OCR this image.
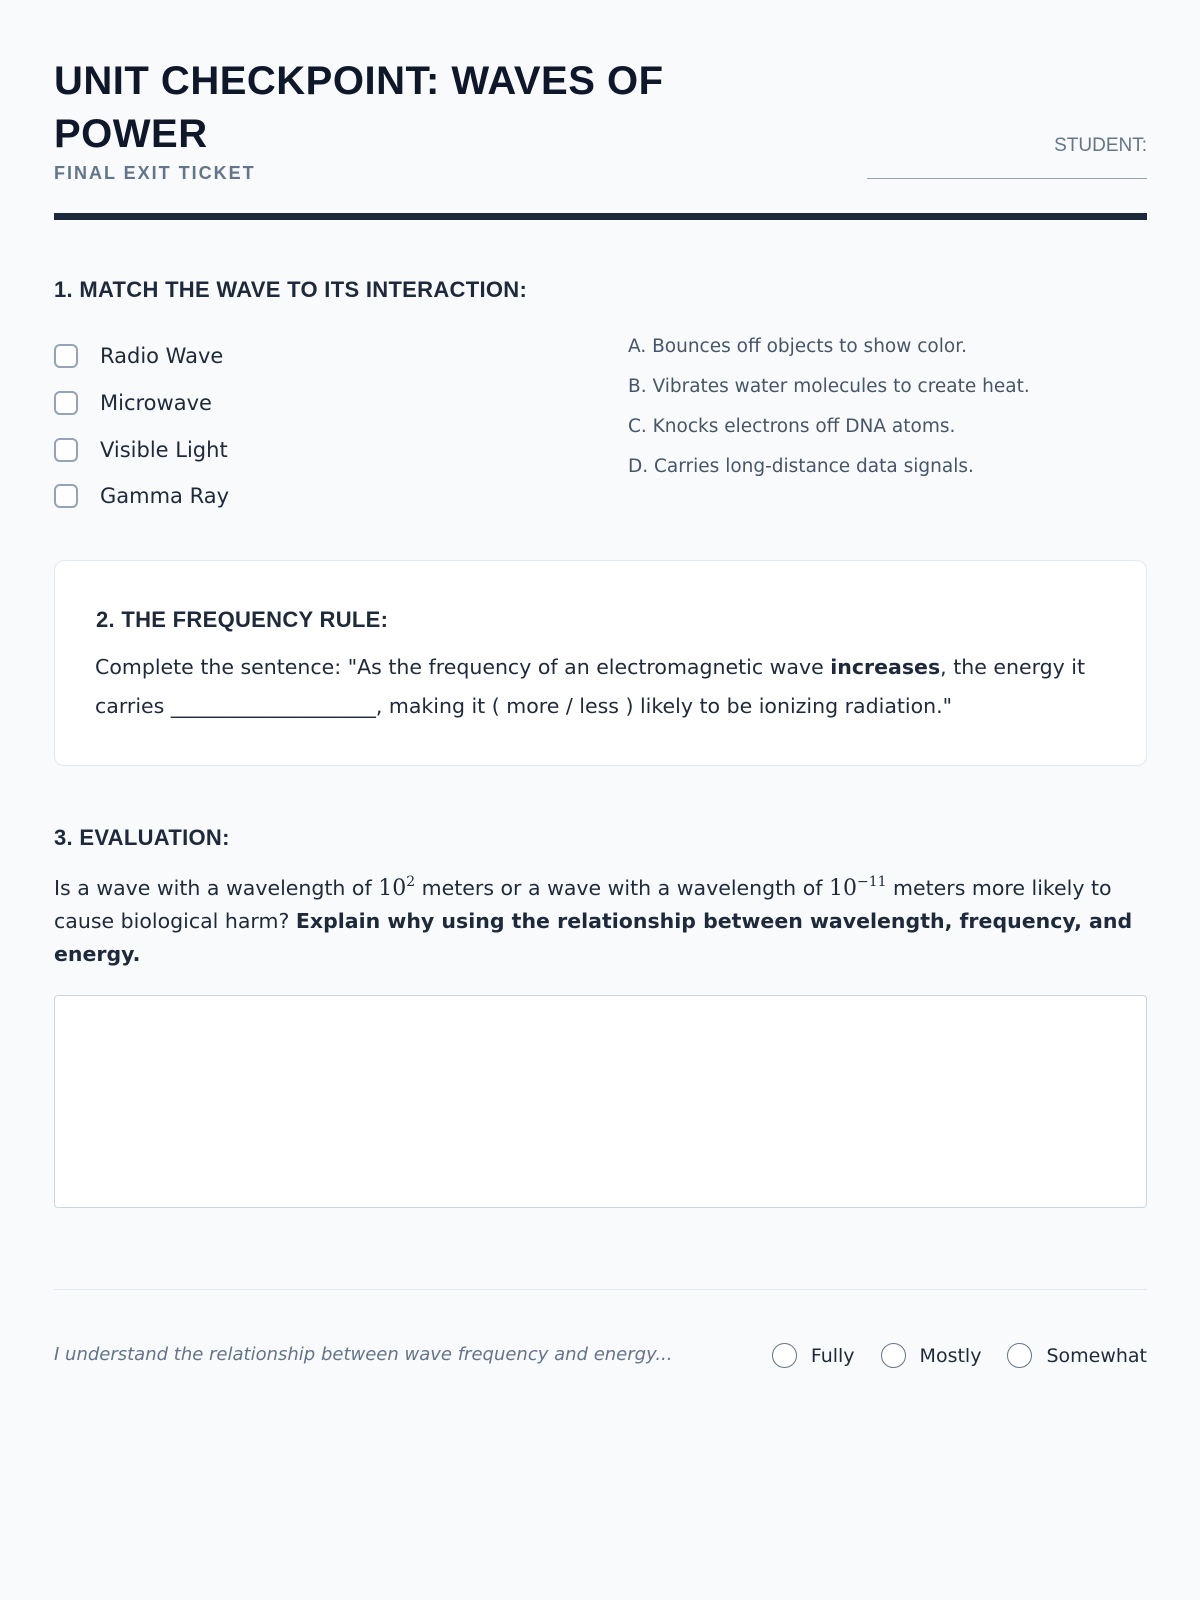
UNIT CHECKPOINT: WAVES OF POWER
FINAL EXIT TICKET
STUDENT:
1. MATCH THE WAVE TO ITS INTERACTION:
Radio Wave
Microwave
Visible Light
Gamma Ray
A. Bounces off objects to show color.
B. Vibrates water molecules to create heat.
C. Knocks electrons off DNA atoms.
D. Carries long-distance data signals.
2. THE FREQUENCY RULE:
Complete the sentence: "As the frequency of an electromagnetic wave increases, the energy it carries ____________________, making it ( more / less ) likely to be ionizing radiation."
3. EVALUATION:
Is a wave with a wavelength of $10^2$ meters or a wave with a wavelength of $10^{-11}$ meters more likely to cause biological harm? Explain why using the relationship between wavelength, frequency, and energy.
I understand the relationship between wave frequency and energy...	Fully	Mostly	Somewhat
